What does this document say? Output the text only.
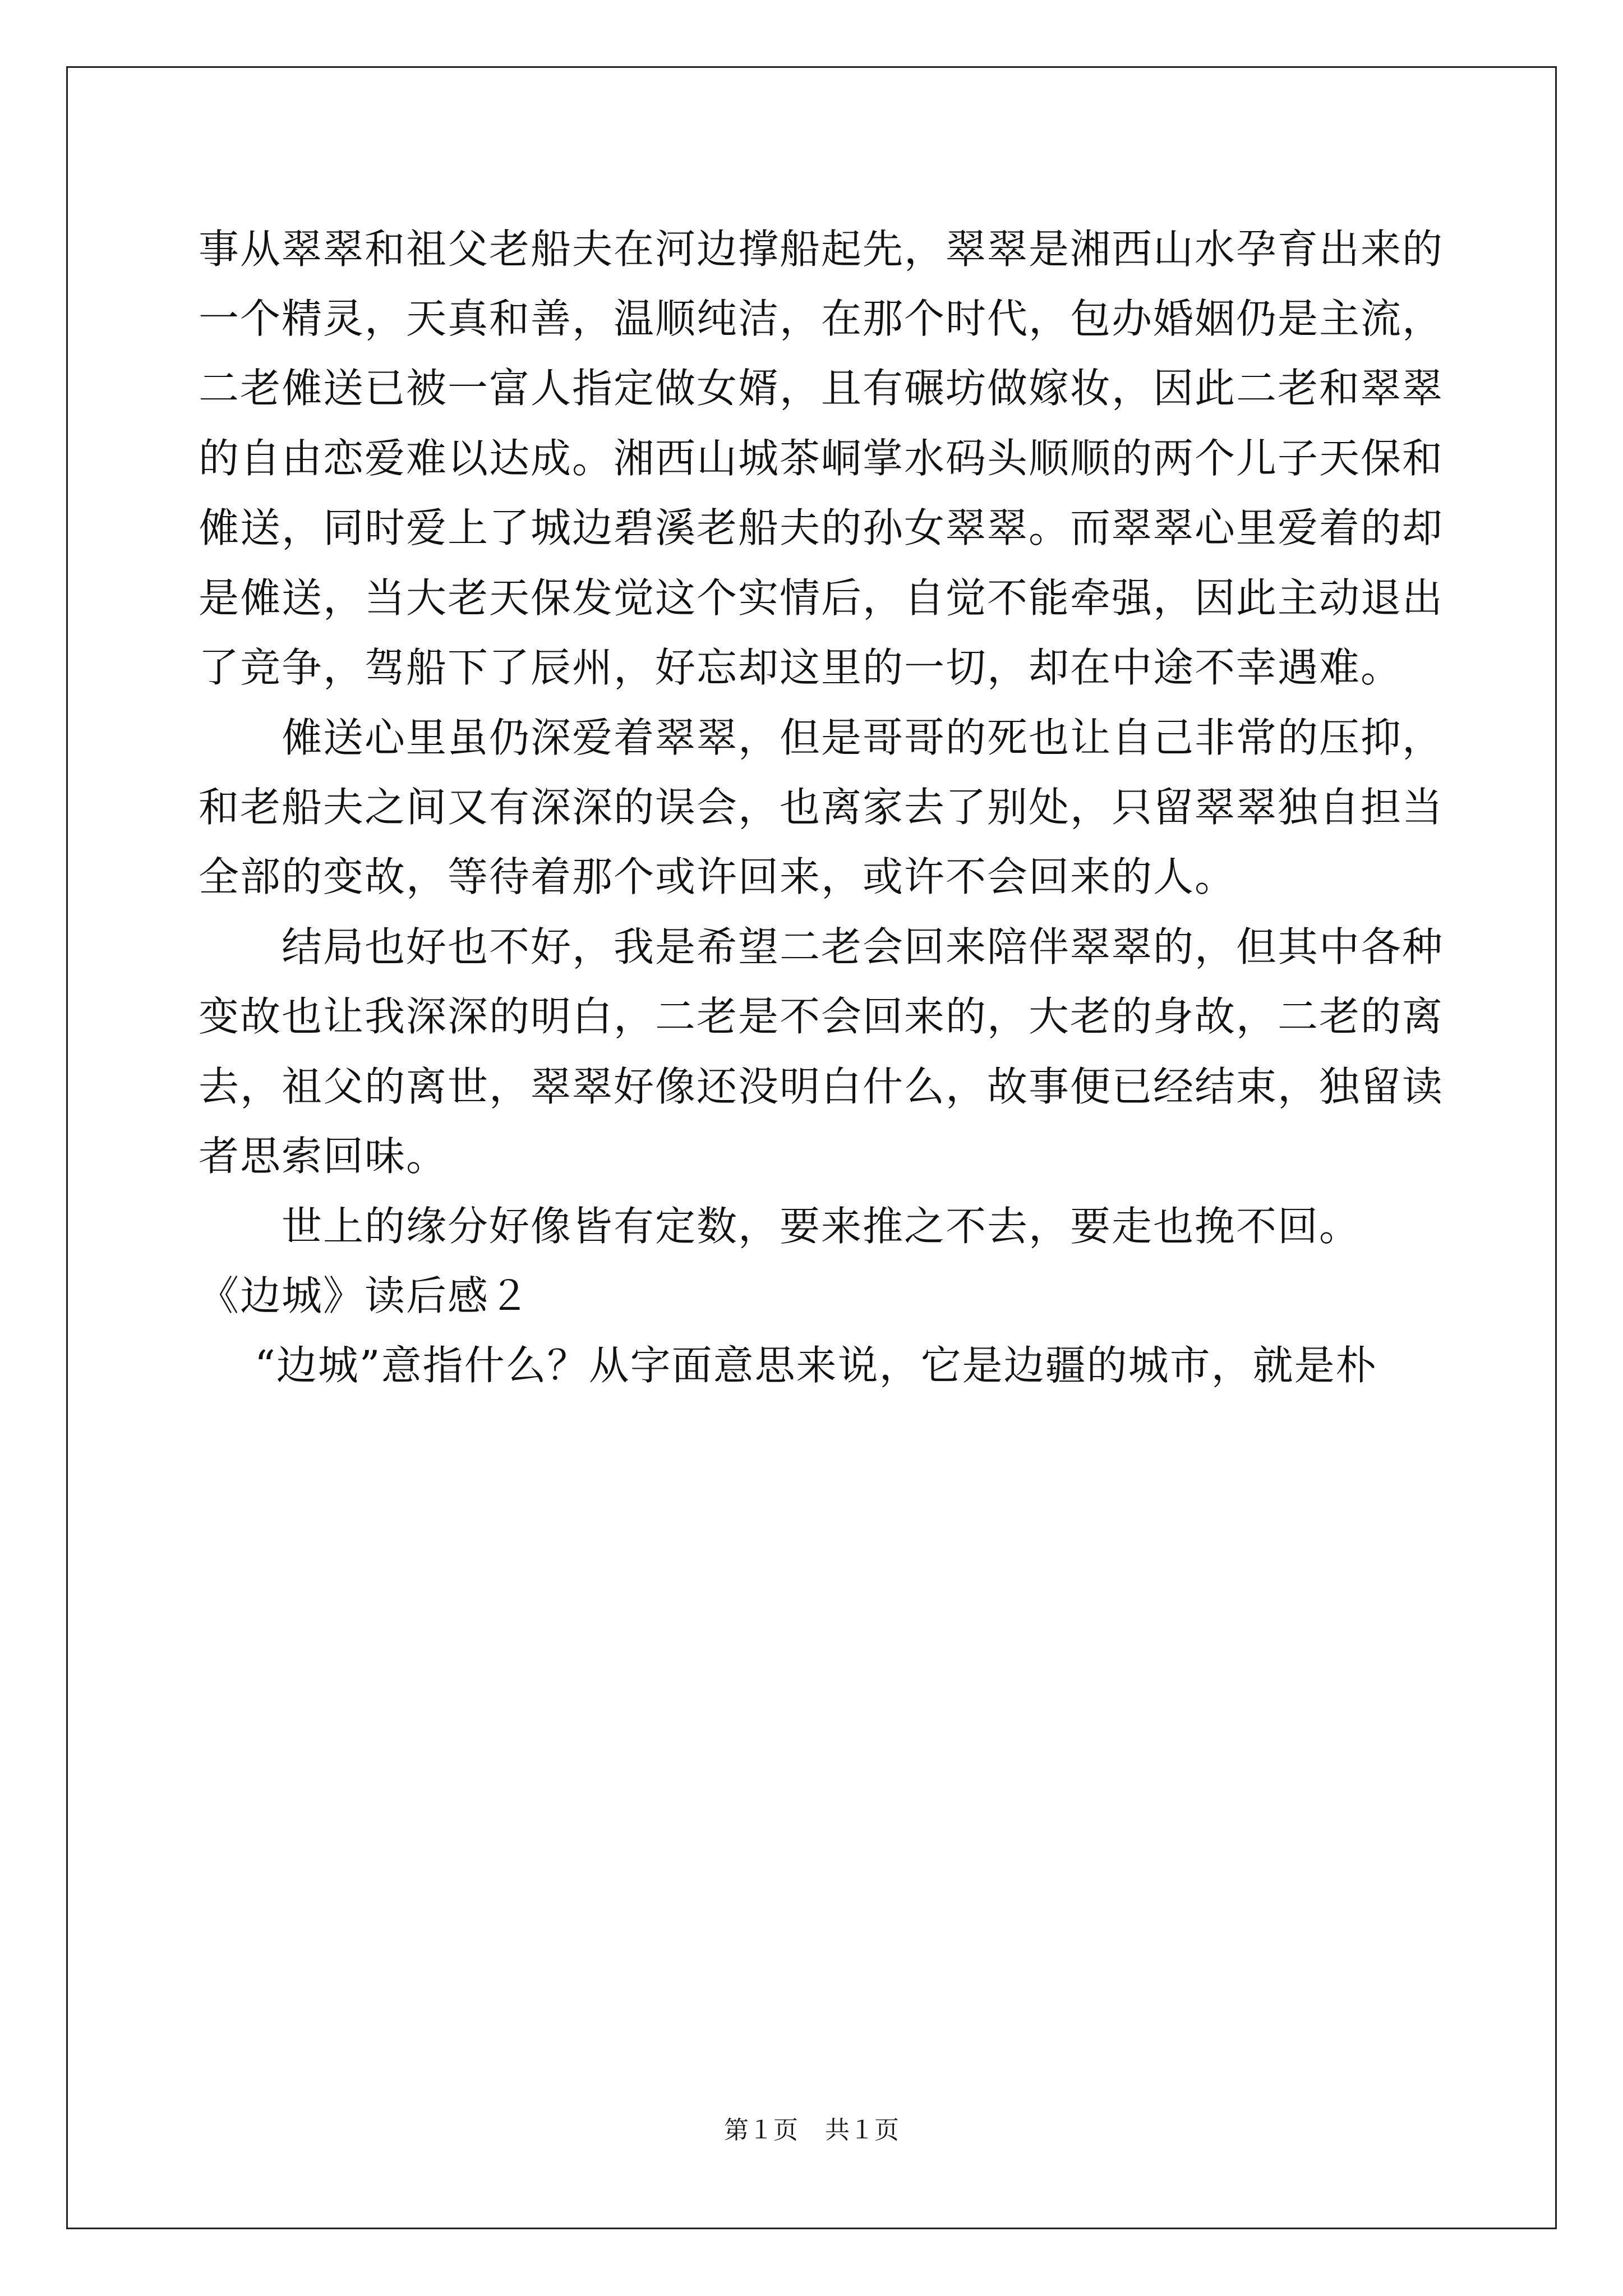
事从翠翠和祖父老船夫在河边撑船起先，翠翠是湘西山水孕育出来的
一个精灵，天真和善，温顺纯洁，在那个时代，包办婚姻仍是主流，
二老傩送已被一富人指定做女婿，且有碾坊做嫁妆，因此二老和翠翠
的自由恋爱难以达成。湘西山城茶峒掌水码头顺顺的两个儿子天保和
傩送，同时爱上了城边碧溪老船夫的孙女翠翠。而翠翠心里爱着的却
是傩送，当大老天保发觉这个实情后，自觉不能牵强，因此主动退出
了竞争，驾船下了辰州，好忘却这里的一切，却在中途不幸遇难。
傩送心里虽仍深爱着翠翠，但是哥哥的死也让自己非常的压抑，
和老船夫之间又有深深的误会，也离家去了别处，只留翠翠独自担当
全部的变故，等待着那个或许回来，或许不会回来的人。
结局也好也不好，我是希望二老会回来陪伴翠翠的，但其中各种
变故也让我深深的明白，二老是不会回来的，大老的身故，二老的离
去，祖父的离世，翠翠好像还没明白什么，故事便已经结束，独留读
者思索回味。
世上的缘分好像皆有定数，要来推之不去，要走也挽不回。
《边城》读后感２
“边城”意指什么？从字面意思来说，它是边疆的城市，就是朴
第１页 共１页
